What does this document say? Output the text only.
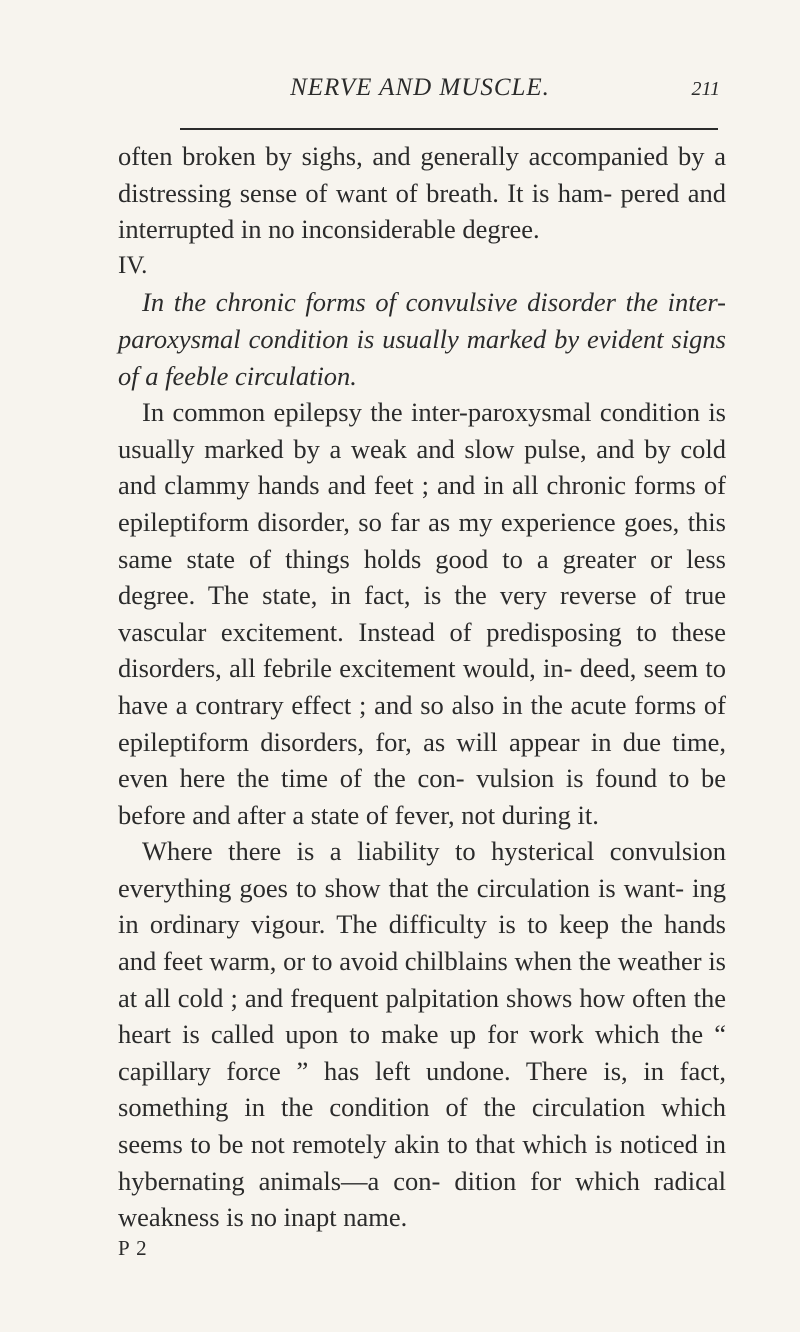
NERVE AND MUSCLE.	211

often broken by sighs, and generally accompanied by a distressing sense of want of breath. It is ham- pered and interrupted in no inconsiderable degree.

IV.

In the chronic forms of convulsive disorder the inter- paroxysmal condition is usually marked by evident signs of a feeble circulation.

In common epilepsy the inter-paroxysmal condition is usually marked by a weak and slow pulse, and by cold and clammy hands and feet ; and in all chronic forms of epileptiform disorder, so far as my experience goes, this same state of things holds good to a greater or less degree. The state, in fact, is the very reverse of true vascular excitement. Instead of predisposing to these disorders, all febrile excitement would, in- deed, seem to have a contrary effect ; and so also in the acute forms of epileptiform disorders, for, as will appear in due time, even here the time of the con- vulsion is found to be before and after a state of fever, not during it.

Where there is a liability to hysterical convulsion everything goes to show that the circulation is want- ing in ordinary vigour. The difficulty is to keep the hands and feet warm, or to avoid chilblains when the weather is at all cold ; and frequent palpitation shows how often the heart is called upon to make up for work which the “ capillary force ” has left undone. There is, in fact, something in the condition of the circulation which seems to be not remotely akin to that which is noticed in hybernating animals—a con- dition for which radical weakness is no inapt name.

P 2
